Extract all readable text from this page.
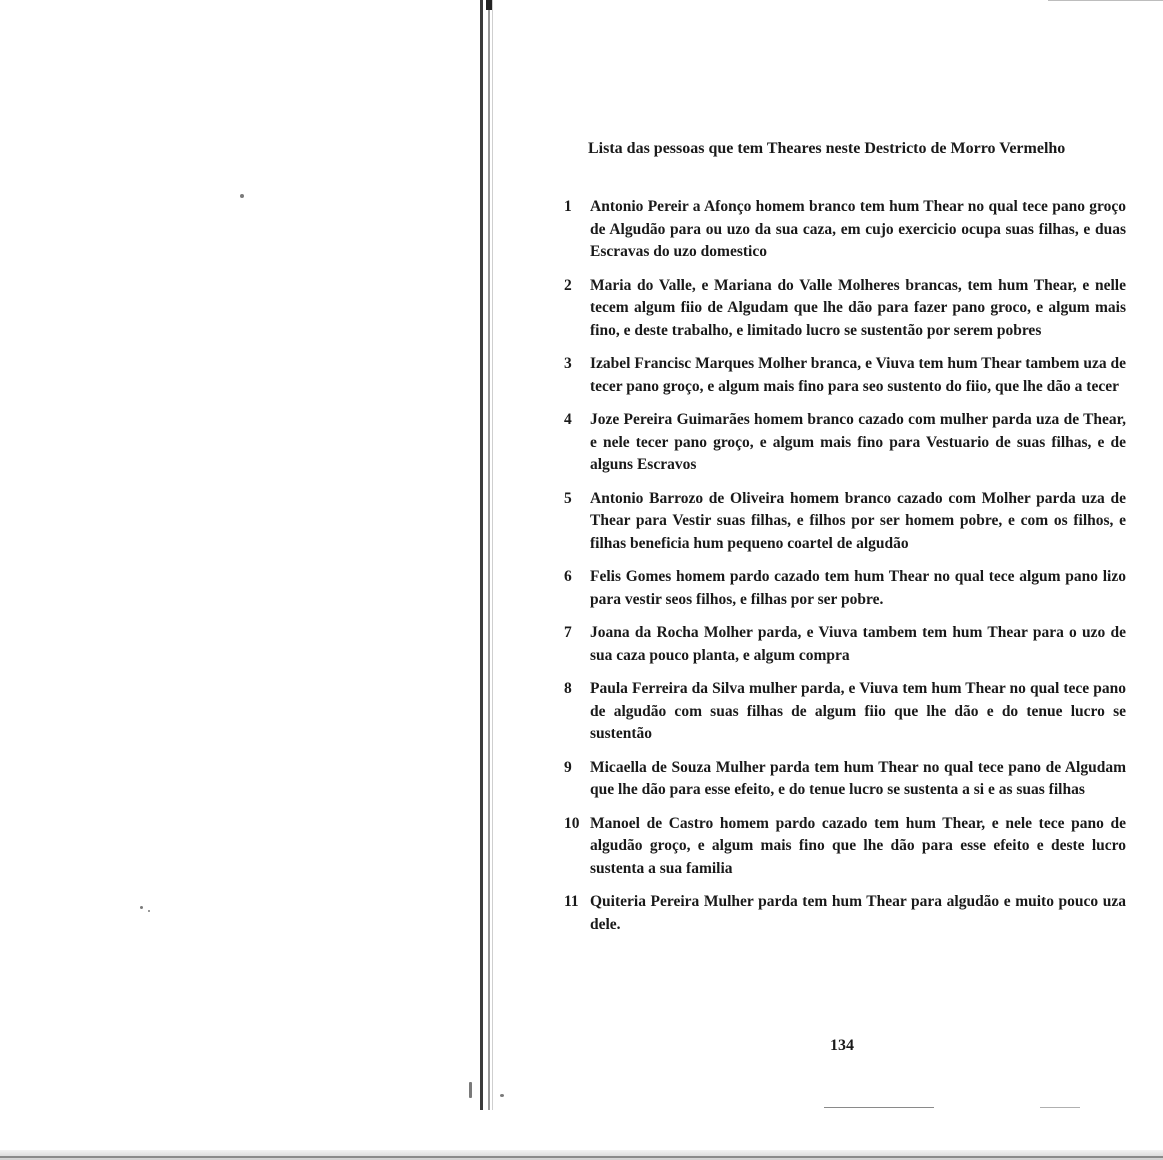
Lista das pessoas que tem Theares neste Destricto de Morro Vermelho
1 Antonio Pereir a Afonço homem branco tem hum Thear no qual tece pano groço de Algudão para ou uzo da sua caza, em cujo exercicio ocupa suas filhas, e duas Escravas do uzo domestico
2 Maria do Valle, e Mariana do Valle Molheres brancas, tem hum Thear, e nelle tecem algum fiio de Algudam que lhe dão para fazer pano groco, e algum mais fino, e deste trabalho, e limitado lucro se sustentão por serem pobres
3 Izabel Francisc Marques Molher branca, e Viuva tem hum Thear tambem uza de tecer pano groço, e algum mais fino para seo sustento do fiio, que lhe dão a tecer
4 Joze Pereira Guimarães homem branco cazado com mulher parda uza de Thear, e nele tecer pano groço, e algum mais fino para Vestuario de suas filhas, e de alguns Escravos
5 Antonio Barrozo de Oliveira homem branco cazado com Molher parda uza de Thear para Vestir suas filhas, e filhos por ser homem pobre, e com os filhos, e filhas beneficia hum pequeno coartel de algudão
6 Felis Gomes homem pardo cazado tem hum Thear no qual tece algum pano lizo para vestir seos filhos, e filhas por ser pobre.
7 Joana da Rocha Molher parda, e Viuva tambem tem hum Thear para o uzo de sua caza pouco planta, e algum compra
8 Paula Ferreira da Silva mulher parda, e Viuva tem hum Thear no qual tece pano de algudão com suas filhas de algum fiio que lhe dão e do tenue lucro se sustentão
9 Micaella de Souza Mulher parda tem hum Thear no qual tece pano de Algudam que lhe dão para esse efeito, e do tenue lucro se sustenta a si e as suas filhas
10 Manoel de Castro homem pardo cazado tem hum Thear, e nele tece pano de algudão groço, e algum mais fino que lhe dão para esse efeito e deste lucro sustenta a sua familia
11 Quiteria Pereira Mulher parda tem hum Thear para algudão e muito pouco uza dele.
134
